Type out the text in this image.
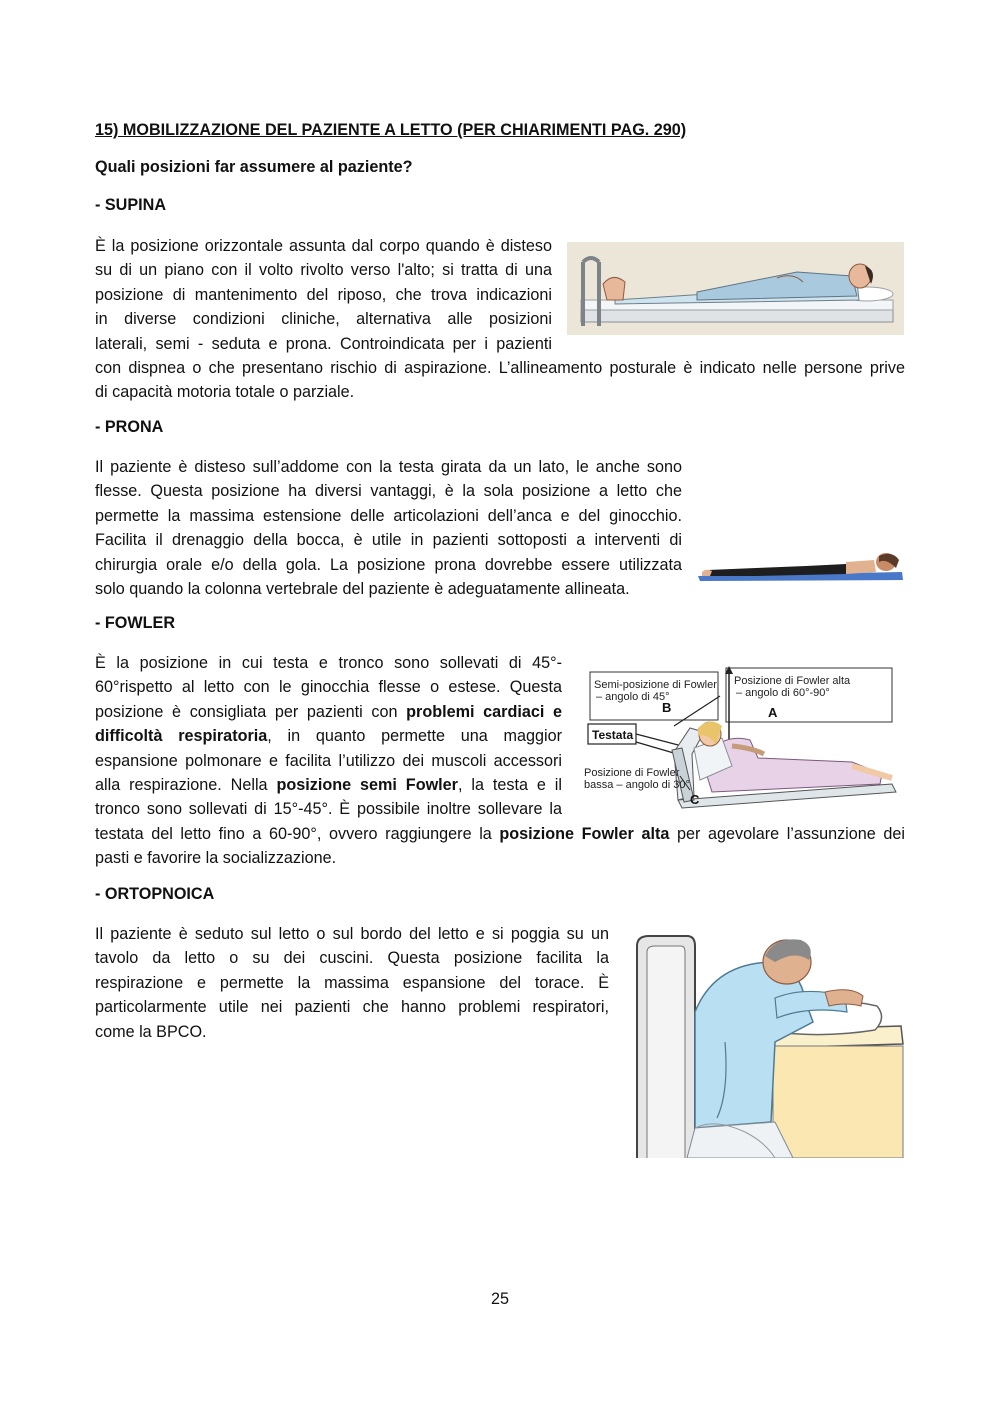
15) MOBILIZZAZIONE DEL PAZIENTE A LETTO (PER CHIARIMENTI PAG. 290)
Quali posizioni far assumere al paziente?
- SUPINA
È la posizione orizzontale assunta dal corpo quando è disteso
su di un piano con il volto rivolto verso l'alto; si tratta di una
posizione di mantenimento del riposo, che trova indicazioni
in diverse condizioni cliniche, alternativa alle posizioni
laterali, semi - seduta e prona. Controindicata per i pazienti
con dispnea o che presentano rischio di aspirazione. L’allineamento posturale è indicato nelle persone prive
di capacità motoria totale o parziale.
- PRONA
Il paziente è disteso sull’addome con la testa girata da un lato, le anche sono
flesse. Questa posizione ha diversi vantaggi, è la sola posizione a letto che
permette la massima estensione delle articolazioni dell’anca e del ginocchio.
Facilita il drenaggio della bocca, è utile in pazienti sottoposti a interventi di
chirurgia orale e/o della gola. La posizione prona dovrebbe essere utilizzata
solo quando la colonna vertebrale del paziente è adeguatamente allineata.
- FOWLER
È la posizione in cui testa e tronco sono sollevati di 45°-
60°rispetto al letto con le ginocchia flesse o estese. Questa
posizione è consigliata per pazienti con problemi cardiaci e
difficoltà respiratoria, in quanto permette una maggior
espansione polmonare e facilita l’utilizzo dei muscoli accessori
alla respirazione. Nella posizione semi Fowler, la testa e il
tronco sono sollevati di 15°-45°. È possibile inoltre sollevare la
testata del letto fino a 60-90°, ovvero raggiungere la posizione Fowler alta per agevolare l’assunzione dei
pasti e favorire la socializzazione.
Semi-posizione di Fowler
– angolo di 45°
Posizione di Fowler alta
– angolo di 60°-90°
B	A
Testata
Posizione di Fowler
bassa – angolo di 30°
C
- ORTOPNOICA
Il paziente è seduto sul letto o sul bordo del letto e si poggia su un
tavolo da letto o su dei cuscini. Questa posizione facilita la
respirazione e permette la massima espansione del torace. È
particolarmente utile nei pazienti che hanno problemi respiratori,
come la BPCO.
25
